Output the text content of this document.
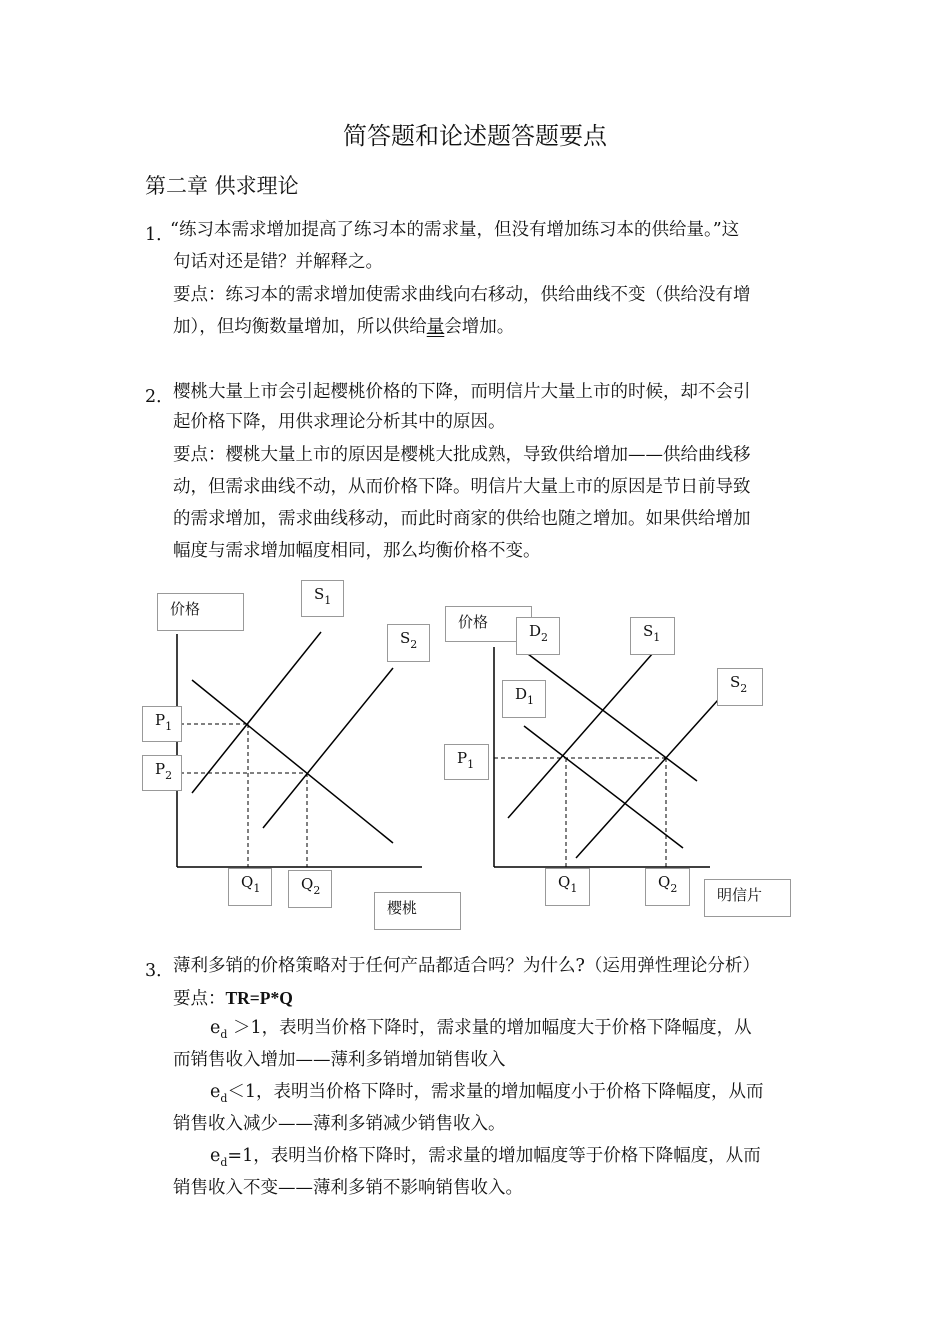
简答题和论述题答题要点
第二章 供求理论
1．
“练习本需求增加提高了练习本的需求量，但没有增加练习本的供给量。”这
句话对还是错？并解释之。
要点：练习本的需求增加使需求曲线向右移动，供给曲线不变（供给没有增
加），但均衡数量增加，所以供给量会增加。
2． 樱桃大量上市会引起樱桃价格的下降，而明信片大量上市的时候，却不会引
起价格下降，用供求理论分析其中的原因。
要点：樱桃大量上市的原因是樱桃大批成熟，导致供给增加——供给曲线移
动，但需求曲线不动，从而价格下降。明信片大量上市的原因是节日前导致
的需求增加，需求曲线移动，而此时商家的供给也随之增加。如果供给增加
幅度与需求增加幅度相同，那么均衡价格不变。
价格
$S_1$
$S_2$
$P_1$
$P_2$
$Q_1$	$Q_2$
樱桃
价格	$D_2$	$S_1$
$S_2$
$D_1$
$P_1$
$Q_1$	$Q_2$	明信片
3． 薄利多销的价格策略对于任何产品都适合吗？为什么?（运用弹性理论分析）
要点：TR=P*Q
$e_d >1$，表明当价格下降时，需求量的增加幅度大于价格下降幅度，从
而销售收入增加——薄利多销增加销售收入
$e_d<1$，表明当价格下降时，需求量的增加幅度小于价格下降幅度，从而
销售收入减少——薄利多销减少销售收入。
$e_d=1$，表明当价格下降时，需求量的增加幅度等于价格下降幅度，从而
销售收入不变——薄利多销不影响销售收入。
